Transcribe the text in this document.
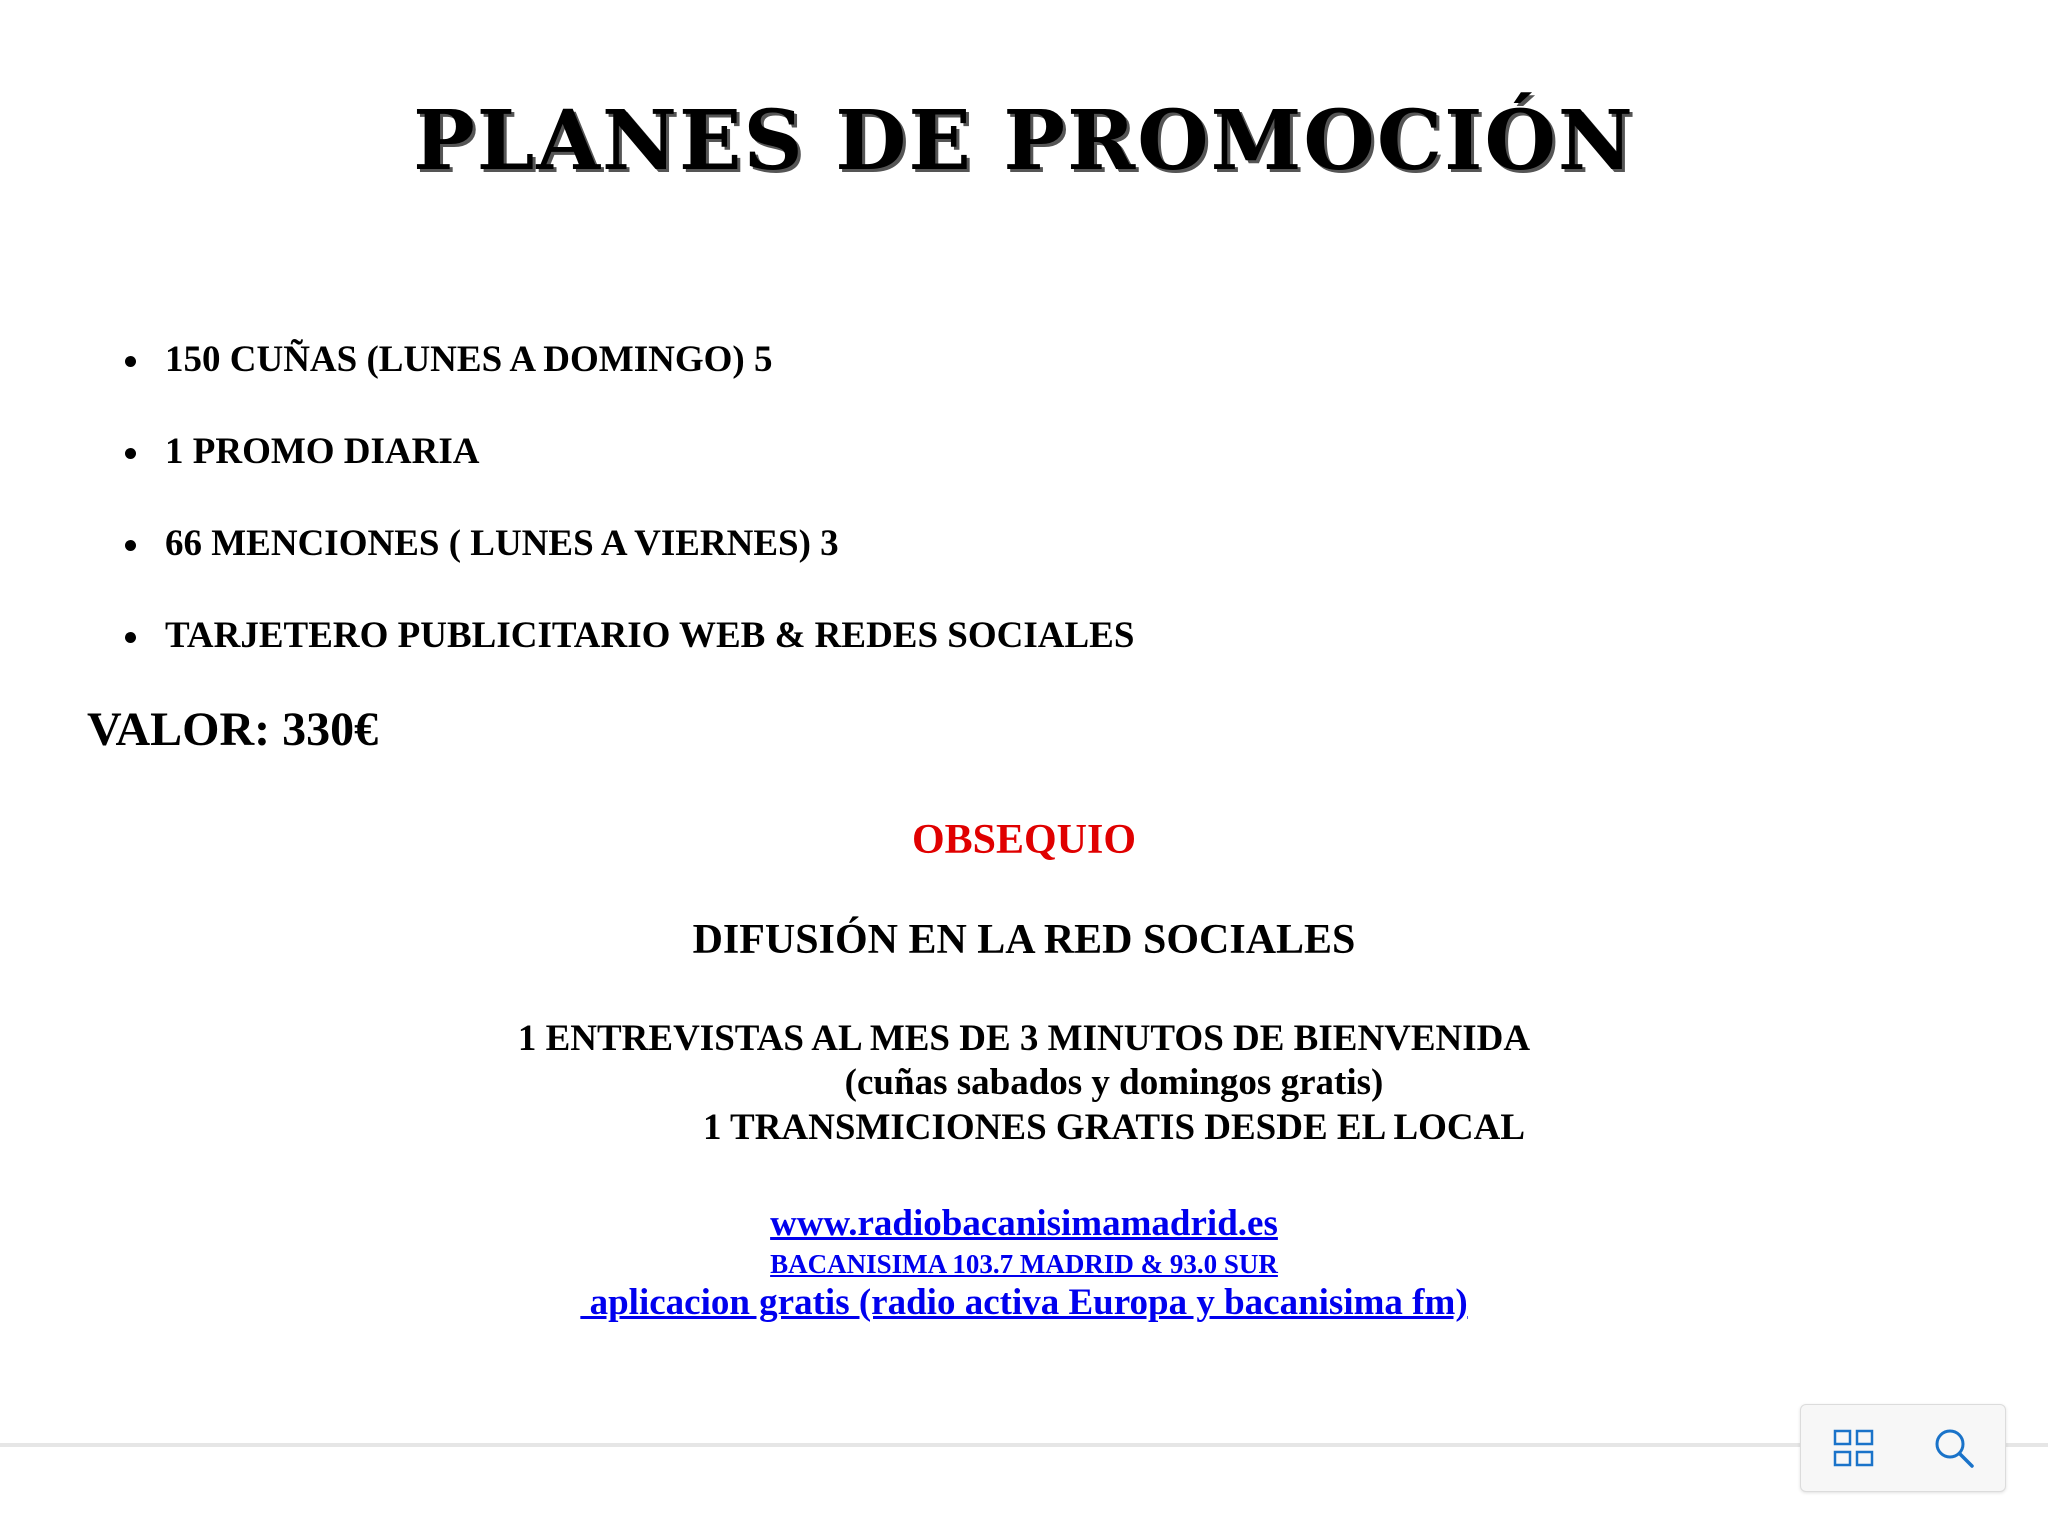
PLANES DE PROMOCIÓN
150 CUÑAS (LUNES A DOMINGO) 5
1 PROMO DIARIA
66 MENCIONES ( LUNES A VIERNES) 3
TARJETERO PUBLICITARIO WEB & REDES SOCIALES
VALOR: 330€
OBSEQUIO
DIFUSIÓN EN LA RED SOCIALES
1 ENTREVISTAS AL MES DE 3 MINUTOS DE BIENVENIDA
(cuñas sabados y domingos gratis)
1 TRANSMICIONES GRATIS DESDE EL LOCAL
www.radiobacanisimamadrid.es
BACANISIMA 103.7 MADRID & 93.0 SUR
aplicacion gratis (radio activa Europa y bacanisima fm)
